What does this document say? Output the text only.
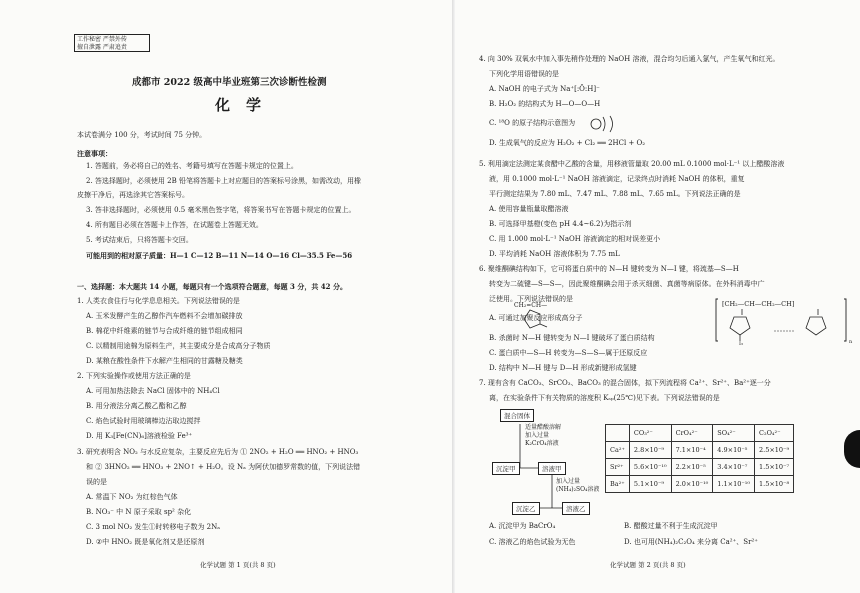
工作秘密 严禁外传
擅自泄露 严肃追责
成都市 2022 级高中毕业班第三次诊断性检测
化学
本试卷满分 100 分，考试时间 75 分钟。
注意事项：
1. 答题前，务必将自己的姓名、考籍号填写在答题卡规定的位置上。
2. 答选择题时，必须使用 2B 铅笔将答题卡上对应题目的答案标号涂黑，如需改动，用橡
皮擦干净后，再选涂其它答案标号。
3. 答非选择题时，必须使用 0.5 毫米黑色签字笔，将答案书写在答题卡规定的位置上。
4. 所有题目必须在答题卡上作答，在试题卷上答题无效。
5. 考试结束后，只将答题卡交回。
可能用到的相对原子质量：H—1 C—12 B—11 N—14 O—16 Cl—35.5 Fe—56
一、选择题：本大题共 14 小题，每题只有一个选项符合题意，每题 3 分，共 42 分。
1. 人类衣食住行与化学息息相关。下列说法错误的是
A. 玉米发酵产生的乙醇作汽车燃料不会增加碳排放
B. 棉花中纤维素的链节与合成纤维的链节组成相同
C. 以精制用途棉为原料生产，其主要成分是合成高分子物质
D. 某粮在酸性条件下水解产生相同的甘露糖及糖类
2. 下列实验操作或使用方法正确的是
A. 可用加热法除去 NaCl 固体中的 NH₄Cl
B. 用分液法分离乙酸乙酯和乙醇
C. 焰色试验时用玻璃棒边沾取边搅拌
D. 用 K₃[Fe(CN)₆]溶液检验 Fe³⁺
3. 研究表明含 NO₂ 与水反应复杂，主要反应先后为 ① 2NO₂ + H₂O ══ HNO₂ + HNO₃
和 ② 3HNO₂ ══ HNO₃ + 2NO↑ + H₂O。设 Nₐ 为阿伏加德罗常数的值，下列说法错
误的是
A. 常温下 NO₂ 为红棕色气体
B. NO₃⁻ 中 N 原子采取 sp² 杂化
C. 3 mol NO₂ 发生①时转移电子数为 2Nₐ
D. ②中 HNO₂ 既是氧化剂又是还原剂
化学试题 第 1 页(共 8 页)
4. 向 30% 双氧水中加入事先稍作处理的 NaOH 溶液，混合均匀后通入氯气，产生氧气和红光。
下列化学用语错误的是
A. NaOH 的电子式为 Na⁺[:Ö:H]⁻
B. H₂O₂ 的结构式为 H—O—O—H
C. ¹⁸O 的原子结构示意图为
D. 生成氧气的反应为 H₂O₂ + Cl₂ ══ 2HCl + O₂
5. 利用滴定法测定某食醋中乙酸的含量，用移液管量取 20.00 mL 0.1000 mol·L⁻¹ 以上醋酸溶液
液，用 0.1000 mol·L⁻¹ NaOH 溶液滴定，记录终点时消耗 NaOH 的体积，重复
平行测定结果为 7.80 mL、7.47 mL、7.88 mL、7.65 mL。下列说法正确的是
A. 使用容量瓶量取醋溶液
B. 可选择甲基橙(变色 pH 4.4~6.2)为指示剂
C. 用 1.000 mol·L⁻¹ NaOH 溶液滴定的相对误差更小
D. 平均消耗 NaOH 溶液体积为 7.75 mL
6. 聚维酮碘结构如下，它可将蛋白质中的 N—H 键转变为 N—I 键，将巯基—S—H
转变为二硫键—S—S—，因此聚维酮碘会用于杀灭细菌、真菌等病原体。在外科消毒中广
泛使用。下列说法错误的是
CH₂=CH—
A. 可通过加聚反应形成高分子
[CH₂—CH—CH₂—CH]
n
I₃
B. 杀菌时 N—H 键转变为 N—I 键破坏了蛋白质结构
C. 蛋白质中—S—H 转变为—S—S—属于还原反应
D. 结构中 N—H 键与 D—H 形成新键形成氢键
7. 现有含有 CaCO₃、SrCO₃、BaCO₃ 的混合固体，拟下列流程将 Ca²⁺、Sr²⁺、Ba²⁺逐一分
离，在实验条件下有关物质的溶度积 Kₛₚ(25℃)见下表。下列说法错误的是
混合固体
适量醋酸溶解
加入过量
K₂CrO₄溶液
沉淀甲	溶液甲
加入过量
(NH₄)₂SO₄溶液
沉淀乙	溶液乙
A. 沉淀甲为 BaCrO₄	B. 醋酸过量不利于生成沉淀甲
C. 溶液乙的焰色试验为无色	D. 也可用(NH₄)₂C₂O₄ 来分离 Ca²⁺、Sr²⁺
化学试题 第 2 页(共 8 页)
	CO₃²⁻	CrO₄²⁻	SO₄²⁻	C₂O₄²⁻
Ca²⁺	2.8×10⁻⁹	7.1×10⁻⁴	4.9×10⁻⁵	2.5×10⁻⁹
Sr²⁺	5.6×10⁻¹⁰	2.2×10⁻⁵	3.4×10⁻⁷	1.5×10⁻⁷
Ba²⁺	5.1×10⁻⁹	2.0×10⁻¹⁰	1.1×10⁻¹⁰	1.5×10⁻⁸
